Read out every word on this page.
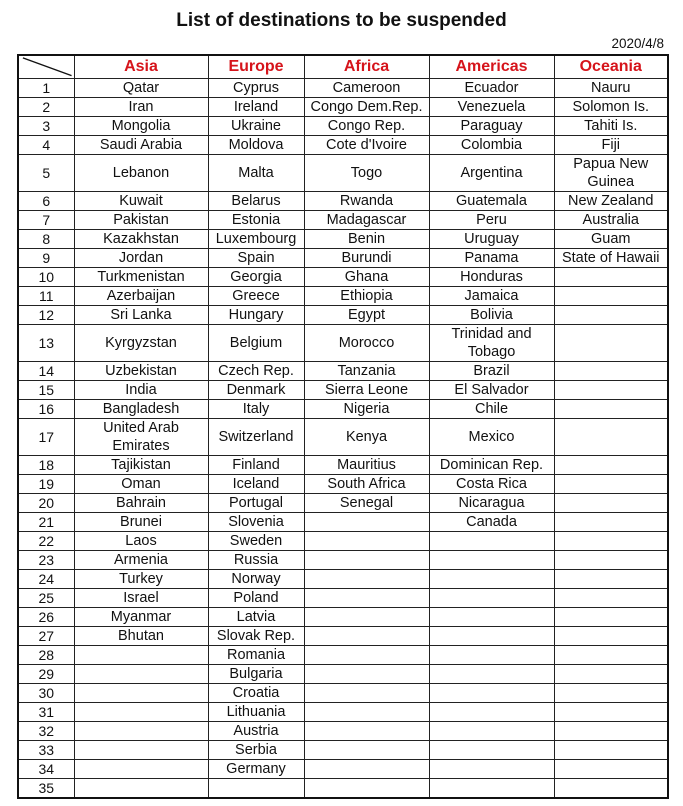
List of destinations to be suspended
2020/4/8
	Asia	Europe	Africa	Americas	Oceania
1	Qatar	Cyprus	Cameroon	Ecuador	Nauru
2	Iran	Ireland	Congo Dem.Rep.	Venezuela	Solomon Is.
3	Mongolia	Ukraine	Congo Rep.	Paraguay	Tahiti Is.
4	Saudi Arabia	Moldova	Cote d'Ivoire	Colombia	Fiji
5	Lebanon	Malta	Togo	Argentina	Papua New Guinea
6	Kuwait	Belarus	Rwanda	Guatemala	New Zealand
7	Pakistan	Estonia	Madagascar	Peru	Australia
8	Kazakhstan	Luxembourg	Benin	Uruguay	Guam
9	Jordan	Spain	Burundi	Panama	State of Hawaii
10	Turkmenistan	Georgia	Ghana	Honduras	
11	Azerbaijan	Greece	Ethiopia	Jamaica	
12	Sri Lanka	Hungary	Egypt	Bolivia	
13	Kyrgyzstan	Belgium	Morocco	Trinidad and Tobago	
14	Uzbekistan	Czech Rep.	Tanzania	Brazil	
15	India	Denmark	Sierra Leone	El Salvador	
16	Bangladesh	Italy	Nigeria	Chile	
17	United Arab Emirates	Switzerland	Kenya	Mexico	
18	Tajikistan	Finland	Mauritius	Dominican Rep.	
19	Oman	Iceland	South Africa	Costa Rica	
20	Bahrain	Portugal	Senegal	Nicaragua	
21	Brunei	Slovenia		Canada	
22	Laos	Sweden			
23	Armenia	Russia			
24	Turkey	Norway			
25	Israel	Poland			
26	Myanmar	Latvia			
27	Bhutan	Slovak Rep.			
28		Romania			
29		Bulgaria			
30		Croatia			
31		Lithuania			
32		Austria			
33		Serbia			
34		Germany			
35					
